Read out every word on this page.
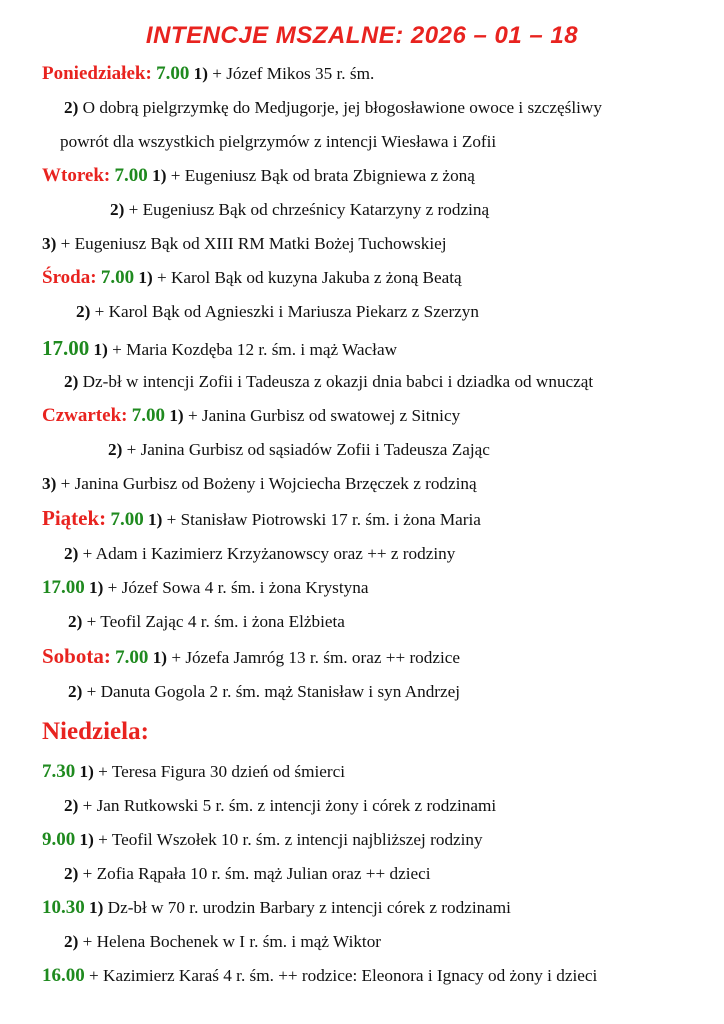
INTENCJE MSZALNE: 2026 – 01 – 18
Poniedziałek: 7.00 1) + Józef Mikos 35 r. śm.
2) O dobrą pielgrzymkę do Medjugorje, jej błogosławione owoce i szczęśliwy
powrót dla wszystkich pielgrzymów z intencji Wiesława i Zofii
Wtorek: 7.00 1) + Eugeniusz Bąk od brata Zbigniewa z żoną
2) + Eugeniusz Bąk od chrześnicy Katarzyny z rodziną
3) + Eugeniusz Bąk od XIII RM Matki Bożej Tuchowskiej
Środa: 7.00 1) + Karol Bąk od kuzyna Jakuba z żoną Beatą
2) + Karol Bąk od Agnieszki i Mariusza Piekarz z Szerzyn
17.00 1) + Maria Kozdęba 12 r. śm. i mąż Wacław
2) Dz-bł w intencji Zofii i Tadeusza z okazji dnia babci i dziadka od wnucząt
Czwartek: 7.00 1) + Janina Gurbisz od swatowej z Sitnicy
2) + Janina Gurbisz od sąsiadów Zofii i Tadeusza Zając
3) + Janina Gurbisz od Bożeny i Wojciecha Brzęczek z rodziną
Piątek: 7.00 1) + Stanisław Piotrowski 17 r. śm. i żona Maria
2) + Adam i Kazimierz Krzyżanowscy oraz ++ z rodziny
17.00 1) + Józef Sowa 4 r. śm. i żona Krystyna
2) + Teofil Zając 4 r. śm. i żona Elżbieta
Sobota: 7.00 1) + Józefa Jamróg 13 r. śm. oraz ++ rodzice
2) + Danuta Gogola 2 r. śm. mąż Stanisław i syn Andrzej
Niedziela:
7.30 1) + Teresa Figura 30 dzień od śmierci
2) + Jan Rutkowski 5 r. śm. z intencji żony i córek z rodzinami
9.00 1) + Teofil Wszołek 10 r. śm. z intencji najbliższej rodziny
2) + Zofia Rąpała 10 r. śm. mąż Julian oraz ++ dzieci
10.30 1) Dz-bł w 70 r. urodzin Barbary z intencji córek z rodzinami
2) + Helena Bochenek w I r. śm. i mąż Wiktor
16.00 + Kazimierz Karaś 4 r. śm. ++ rodzice: Eleonora i Ignacy od żony i dzieci
